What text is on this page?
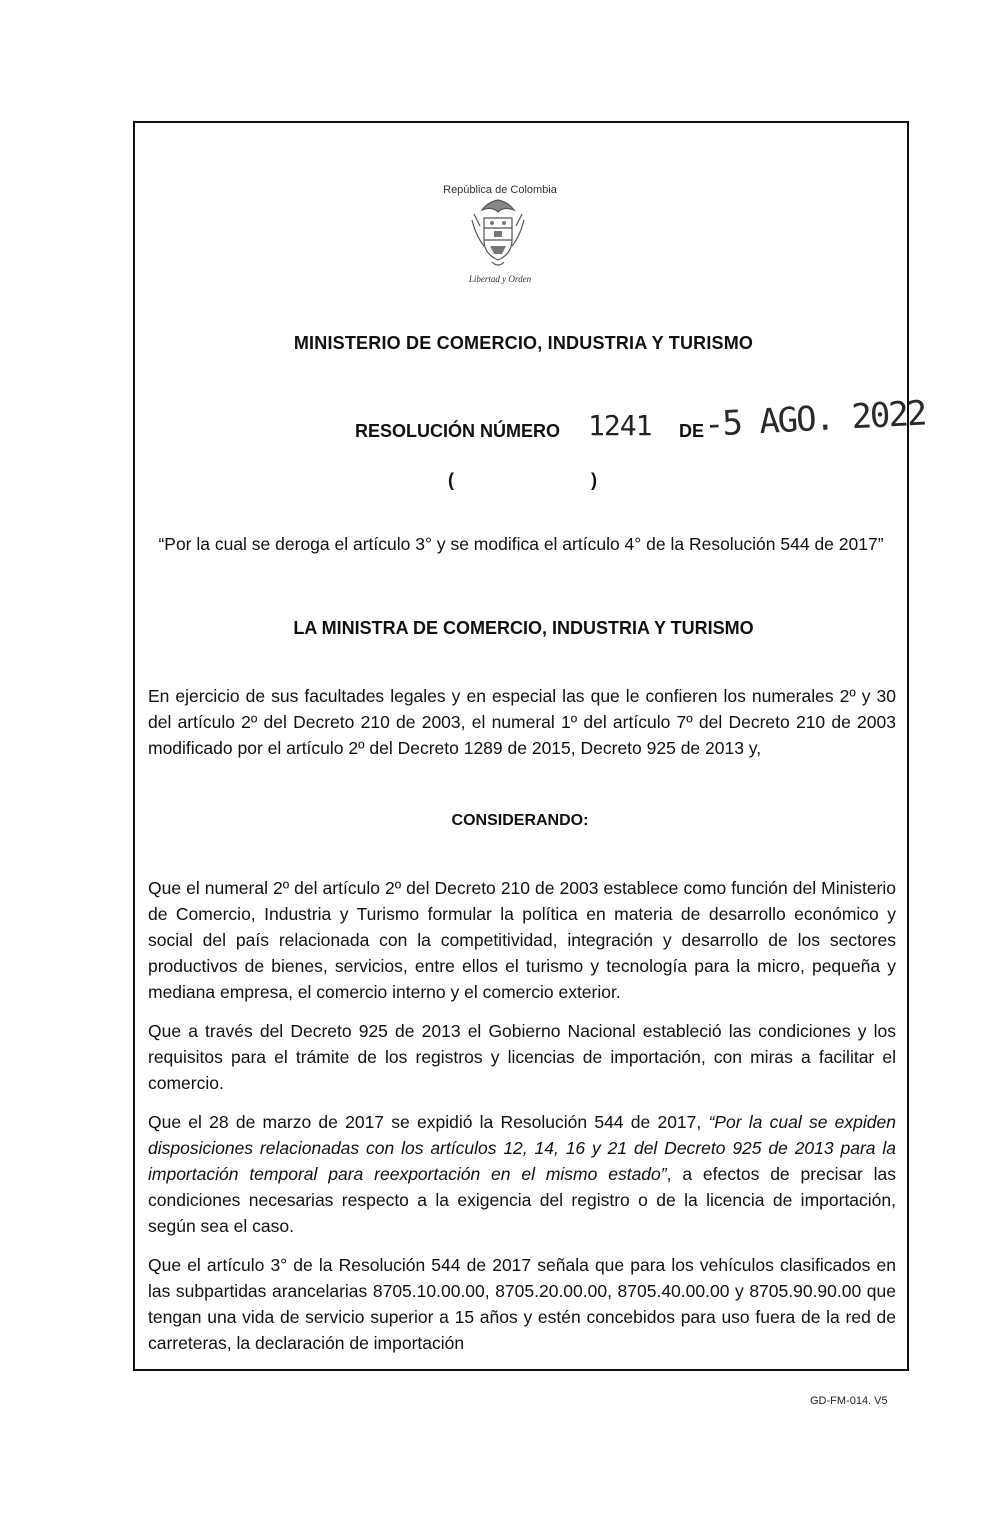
República de Colombia
Libertad y Orden
MINISTERIO DE COMERCIO, INDUSTRIA Y TURISMO
RESOLUCIÓN NÚMERO 1241 DE
-5 AGO. 2022
(	)
“Por la cual se deroga el artículo 3° y se modifica el artículo 4° de la Resolución 544 de 2017”
LA MINISTRA DE COMERCIO, INDUSTRIA Y TURISMO

En ejercicio de sus facultades legales y en especial las que le confieren los numerales 2º y 30 del artículo 2º del Decreto 210 de 2003, el numeral 1º del artículo 7º del Decreto 210 de 2003 modificado por el artículo 2º del Decreto 1289 de 2015, Decreto 925 de 2013 y,

CONSIDERANDO:

Que el numeral 2º del artículo 2º del Decreto 210 de 2003 establece como función del Ministerio de Comercio, Industria y Turismo formular la política en materia de desarrollo económico y social del país relacionada con la competitividad, integración y desarrollo de los sectores productivos de bienes, servicios, entre ellos el turismo y tecnología para la micro, pequeña y mediana empresa, el comercio interno y el comercio exterior.

Que a través del Decreto 925 de 2013 el Gobierno Nacional estableció las condiciones y los requisitos para el trámite de los registros y licencias de importación, con miras a facilitar el comercio.

Que el 28 de marzo de 2017 se expidió la Resolución 544 de 2017, “Por la cual se expiden disposiciones relacionadas con los artículos 12, 14, 16 y 21 del Decreto 925 de 2013 para la importación temporal para reexportación en el mismo estado”, a efectos de precisar las condiciones necesarias respecto a la exigencia del registro o de la licencia de importación, según sea el caso.

Que el artículo 3° de la Resolución 544 de 2017 señala que para los vehículos clasificados en las subpartidas arancelarias 8705.10.00.00, 8705.20.00.00, 8705.40.00.00 y 8705.90.90.00 que tengan una vida de servicio superior a 15 años y estén concebidos para uso fuera de la red de carreteras, la declaración de importación

GD-FM-014. V5
